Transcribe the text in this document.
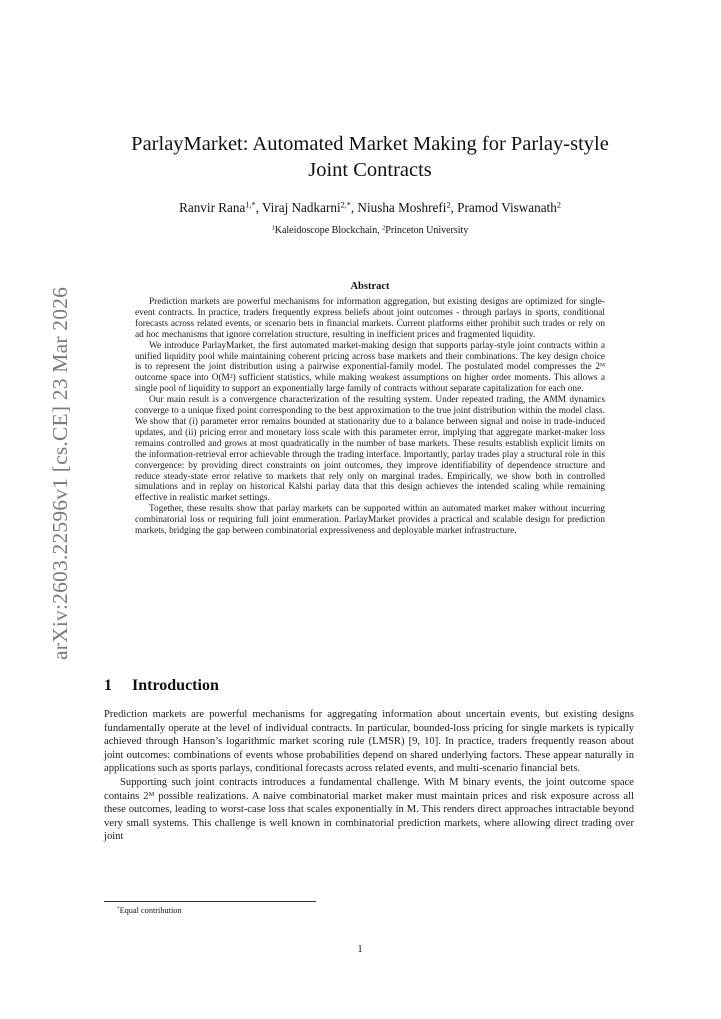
arXiv:2603.22596v1 [cs.CE] 23 Mar 2026
ParlayMarket: Automated Market Making for Parlay-style
Joint Contracts
Ranvir Rana$^{1,*}$, Viraj Nadkarni$^{2,*}$, Niusha Moshrefi$^2$, Pramod Viswanath$^2$
$^1$Kaleidoscope Blockchain, $^2$Princeton University
Abstract

Prediction markets are powerful mechanisms for information aggregation, but existing designs are optimized for single-event contracts. In practice, traders frequently express beliefs about joint outcomes - through parlays in sports, conditional forecasts across related events, or scenario bets in financial markets. Current platforms either prohibit such trades or rely on ad hoc mechanisms that ignore correlation structure, resulting in inefficient prices and fragmented liquidity.

We introduce ParlayMarket, the first automated market-making design that supports parlay-style joint contracts within a unified liquidity pool while maintaining coherent pricing across base markets and their combinations. The key design choice is to represent the joint distribution using a pairwise exponential-family model. The postulated model compresses the 2ᴹ outcome space into O(M²) sufficient statistics, while making weakest assumptions on higher order moments. This allows a single pool of liquidity to support an exponentially large family of contracts without separate capitalization for each one.

Our main result is a convergence characterization of the resulting system. Under repeated trading, the AMM dynamics converge to a unique fixed point corresponding to the best approximation to the true joint distribution within the model class. We show that (i) parameter error remains bounded at stationarity due to a balance between signal and noise in trade-induced updates, and (ii) pricing error and monetary loss scale with this parameter error, implying that aggregate market-maker loss remains controlled and grows at most quadratically in the number of base markets. These results establish explicit limits on the information-retrieval error achievable through the trading interface. Importantly, parlay trades play a structural role in this convergence: by providing direct constraints on joint outcomes, they improve identifiability of dependence structure and reduce steady-state error relative to markets that rely only on marginal trades. Empirically, we show both in controlled simulations and in replay on historical Kalshi parlay data that this design achieves the intended scaling while remaining effective in realistic market settings.

Together, these results show that parlay markets can be supported within an automated market maker without incurring combinatorial loss or requiring full joint enumeration. ParlayMarket provides a practical and scalable design for prediction markets, bridging the gap between combinatorial expressiveness and deployable market infrastructure.

1 Introduction

Prediction markets are powerful mechanisms for aggregating information about uncertain events, but existing designs fundamentally operate at the level of individual contracts. In particular, bounded-loss pricing for single markets is typically achieved through Hanson’s logarithmic market scoring rule (LMSR) [9, 10]. In practice, traders frequently reason about joint outcomes: combinations of events whose probabilities depend on shared underlying factors. These appear naturally in applications such as sports parlays, conditional forecasts across related events, and multi-scenario financial bets.

Supporting such joint contracts introduces a fundamental challenge. With M binary events, the joint outcome space contains 2ᴹ possible realizations. A naive combinatorial market maker must maintain prices and risk exposure across all these outcomes, leading to worst-case loss that scales exponentially in M. This renders direct approaches intractable beyond very small systems. This challenge is well known in combinatorial prediction markets, where allowing direct trading over joint

*Equal contribution
1
